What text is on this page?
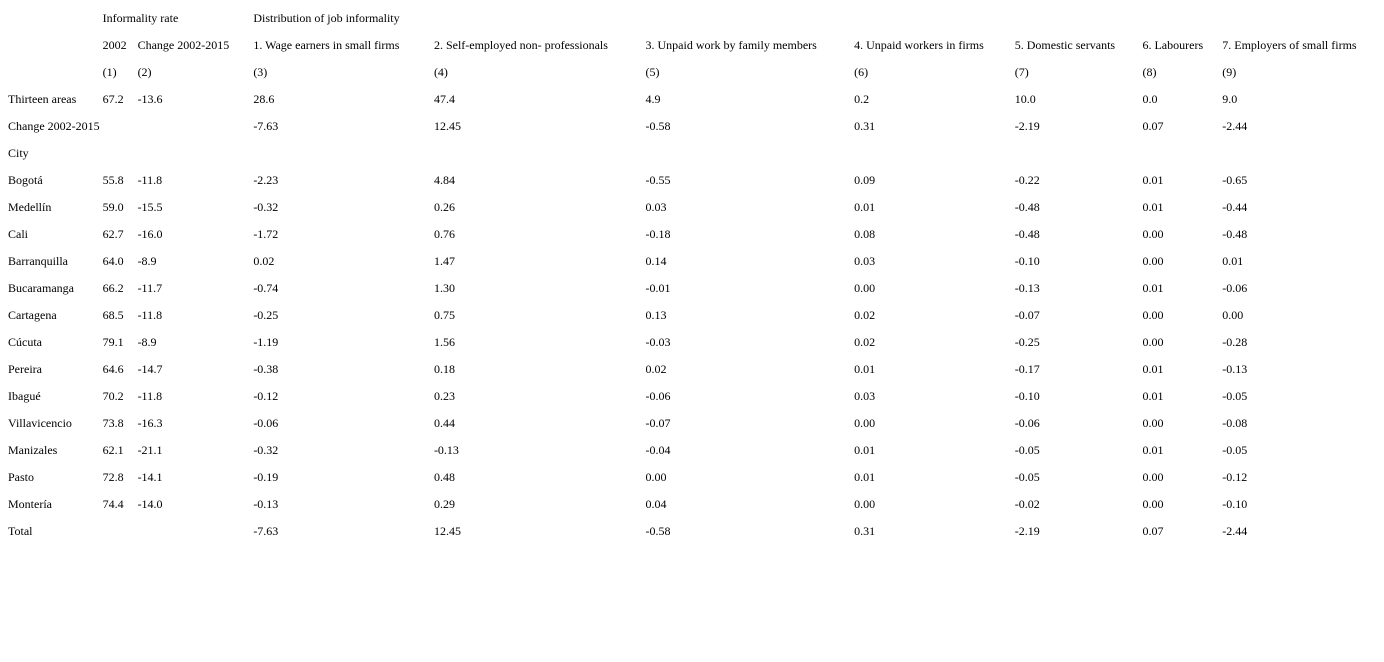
	Informality rate		Distribution of job informality						
	2002	Change 2002-2015	1. Wage earners in small firms	2. Self-employed non- professionals	3. Unpaid work by family members	4. Unpaid workers in firms	5. Domestic servants	6. Labourers	7. Employers of small firms
	(1)	(2)	(3)	(4)	(5)	(6)	(7)	(8)	(9)
Thirteen areas	67.2	-13.6	28.6	47.4	4.9	0.2	10.0	0.0	9.0
Change 2002-2015			-7.63	12.45	-0.58	0.31	-2.19	0.07	-2.44
City									
Bogotá	55.8	-11.8	-2.23	4.84	-0.55	0.09	-0.22	0.01	-0.65
Medellín	59.0	-15.5	-0.32	0.26	0.03	0.01	-0.48	0.01	-0.44
Cali	62.7	-16.0	-1.72	0.76	-0.18	0.08	-0.48	0.00	-0.48
Barranquilla	64.0	-8.9	0.02	1.47	0.14	0.03	-0.10	0.00	0.01
Bucaramanga	66.2	-11.7	-0.74	1.30	-0.01	0.00	-0.13	0.01	-0.06
Cartagena	68.5	-11.8	-0.25	0.75	0.13	0.02	-0.07	0.00	0.00
Cúcuta	79.1	-8.9	-1.19	1.56	-0.03	0.02	-0.25	0.00	-0.28
Pereira	64.6	-14.7	-0.38	0.18	0.02	0.01	-0.17	0.01	-0.13
Ibagué	70.2	-11.8	-0.12	0.23	-0.06	0.03	-0.10	0.01	-0.05
Villavicencio	73.8	-16.3	-0.06	0.44	-0.07	0.00	-0.06	0.00	-0.08
Manizales	62.1	-21.1	-0.32	-0.13	-0.04	0.01	-0.05	0.01	-0.05
Pasto	72.8	-14.1	-0.19	0.48	0.00	0.01	-0.05	0.00	-0.12
Montería	74.4	-14.0	-0.13	0.29	0.04	0.00	-0.02	0.00	-0.10
Total			-7.63	12.45	-0.58	0.31	-2.19	0.07	-2.44
